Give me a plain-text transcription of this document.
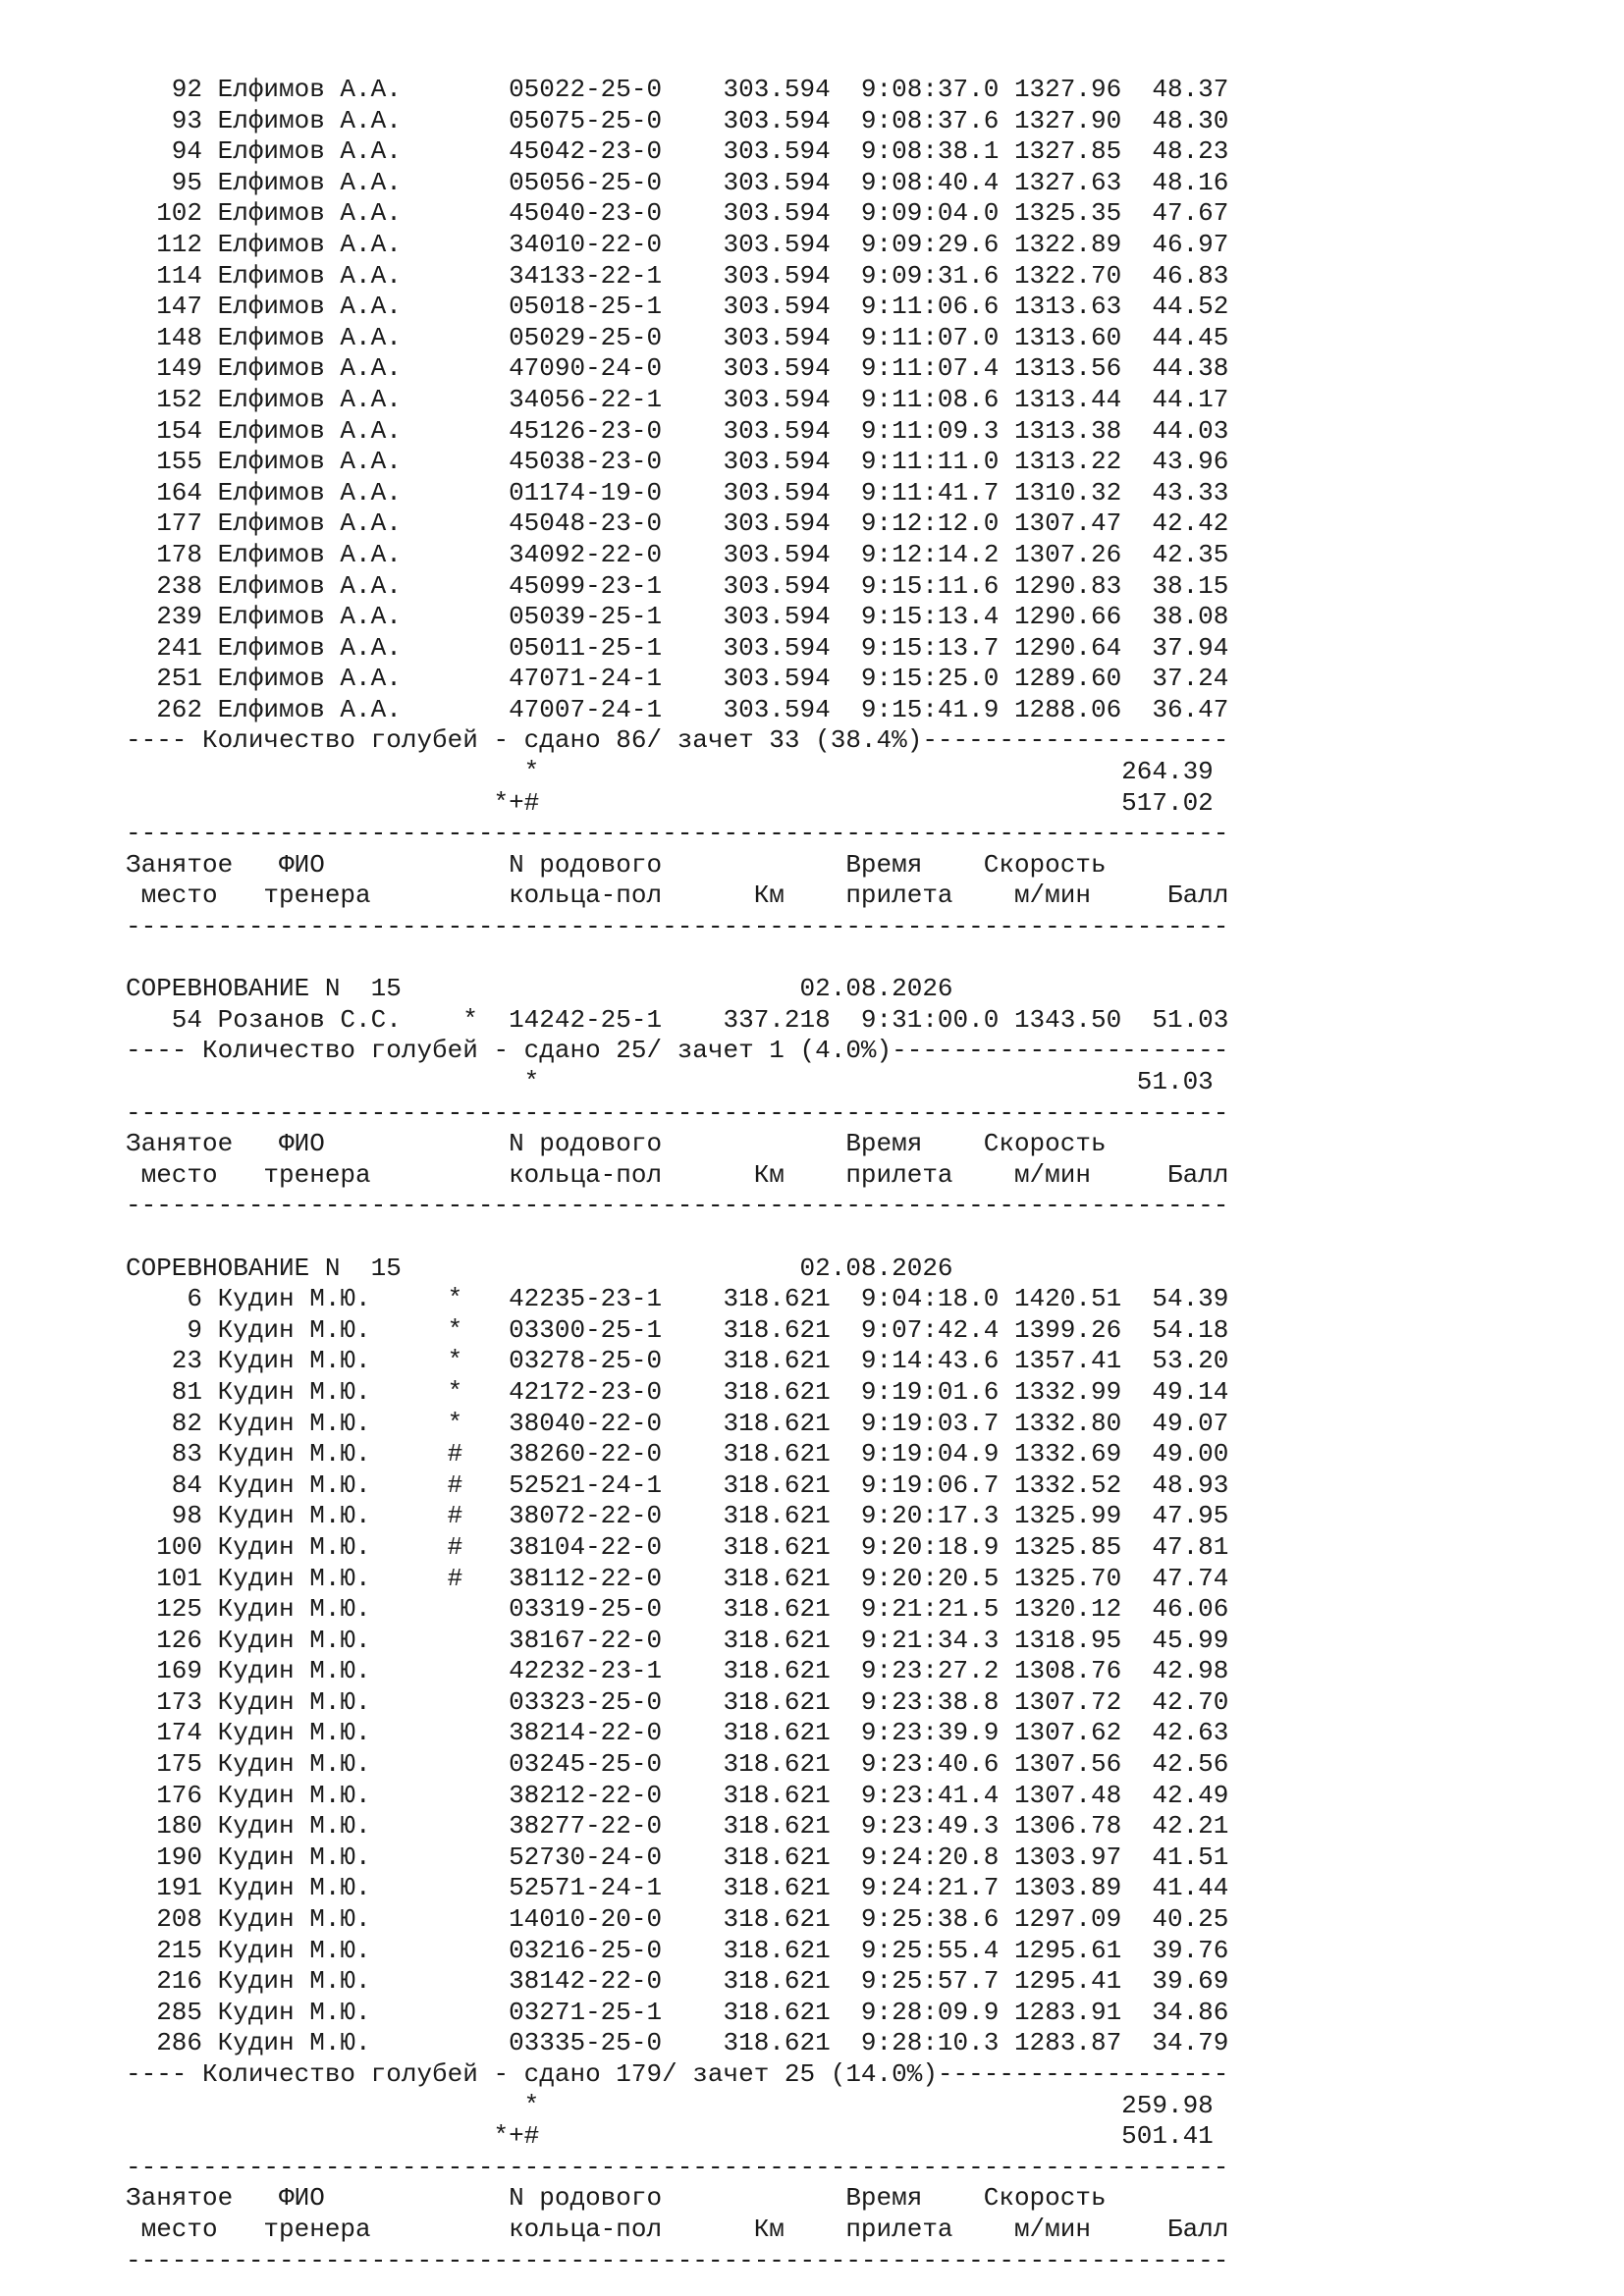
92 Елфимов А.А.       05022-25-0    303.594  9:08:37.0 1327.96  48.37
93 Елфимов А.А.       05075-25-0    303.594  9:08:37.6 1327.90  48.30
94 Елфимов А.А.       45042-23-0    303.594  9:08:38.1 1327.85  48.23
95 Елфимов А.А.       05056-25-0    303.594  9:08:40.4 1327.63  48.16
102 Елфимов А.А.       45040-23-0    303.594  9:09:04.0 1325.35  47.67
112 Елфимов А.А.       34010-22-0    303.594  9:09:29.6 1322.89  46.97
114 Елфимов А.А.       34133-22-1    303.594  9:09:31.6 1322.70  46.83
147 Елфимов А.А.       05018-25-1    303.594  9:11:06.6 1313.63  44.52
148 Елфимов А.А.       05029-25-0    303.594  9:11:07.0 1313.60  44.45
149 Елфимов А.А.       47090-24-0    303.594  9:11:07.4 1313.56  44.38
152 Елфимов А.А.       34056-22-1    303.594  9:11:08.6 1313.44  44.17
154 Елфимов А.А.       45126-23-0    303.594  9:11:09.3 1313.38  44.03
155 Елфимов А.А.       45038-23-0    303.594  9:11:11.0 1313.22  43.96
164 Елфимов А.А.       01174-19-0    303.594  9:11:41.7 1310.32  43.33
177 Елфимов А.А.       45048-23-0    303.594  9:12:12.0 1307.47  42.42
178 Елфимов А.А.       34092-22-0    303.594  9:12:14.2 1307.26  42.35
238 Елфимов А.А.       45099-23-1    303.594  9:15:11.6 1290.83  38.15
239 Елфимов А.А.       05039-25-1    303.594  9:15:13.4 1290.66  38.08
241 Елфимов А.А.       05011-25-1    303.594  9:15:13.7 1290.64  37.94
251 Елфимов А.А.       47071-24-1    303.594  9:15:25.0 1289.60  37.24
262 Елфимов А.А.       47007-24-1    303.594  9:15:41.9 1288.06  36.47
---- Количество голубей - сдано 86/ зачет 33 (38.4%)--------------------
*                                      264.39
*+#                                      517.02
------------------------------------------------------------------------
Занятое   ФИО            N родового            Время    Скорость
место   тренера         кольца-пол      Км    прилета    м/мин     Балл
------------------------------------------------------------------------
СОРЕВНОВАНИЕ N  15                          02.08.2026
54 Розанов С.С.    *  14242-25-1    337.218  9:31:00.0 1343.50  51.03
---- Количество голубей - сдано 25/ зачет 1 (4.0%)----------------------
*                                       51.03
------------------------------------------------------------------------
Занятое   ФИО            N родового            Время    Скорость
место   тренера         кольца-пол      Км    прилета    м/мин     Балл
------------------------------------------------------------------------
СОРЕВНОВАНИЕ N  15                          02.08.2026
6 Кудин М.Ю.     *   42235-23-1    318.621  9:04:18.0 1420.51  54.39
9 Кудин М.Ю.     *   03300-25-1    318.621  9:07:42.4 1399.26  54.18
23 Кудин М.Ю.     *   03278-25-0    318.621  9:14:43.6 1357.41  53.20
81 Кудин М.Ю.     *   42172-23-0    318.621  9:19:01.6 1332.99  49.14
82 Кудин М.Ю.     *   38040-22-0    318.621  9:19:03.7 1332.80  49.07
83 Кудин М.Ю.     #   38260-22-0    318.621  9:19:04.9 1332.69  49.00
84 Кудин М.Ю.     #   52521-24-1    318.621  9:19:06.7 1332.52  48.93
98 Кудин М.Ю.     #   38072-22-0    318.621  9:20:17.3 1325.99  47.95
100 Кудин М.Ю.     #   38104-22-0    318.621  9:20:18.9 1325.85  47.81
101 Кудин М.Ю.     #   38112-22-0    318.621  9:20:20.5 1325.70  47.74
125 Кудин М.Ю.         03319-25-0    318.621  9:21:21.5 1320.12  46.06
126 Кудин М.Ю.         38167-22-0    318.621  9:21:34.3 1318.95  45.99
169 Кудин М.Ю.         42232-23-1    318.621  9:23:27.2 1308.76  42.98
173 Кудин М.Ю.         03323-25-0    318.621  9:23:38.8 1307.72  42.70
174 Кудин М.Ю.         38214-22-0    318.621  9:23:39.9 1307.62  42.63
175 Кудин М.Ю.         03245-25-0    318.621  9:23:40.6 1307.56  42.56
176 Кудин М.Ю.         38212-22-0    318.621  9:23:41.4 1307.48  42.49
180 Кудин М.Ю.         38277-22-0    318.621  9:23:49.3 1306.78  42.21
190 Кудин М.Ю.         52730-24-0    318.621  9:24:20.8 1303.97  41.51
191 Кудин М.Ю.         52571-24-1    318.621  9:24:21.7 1303.89  41.44
208 Кудин М.Ю.         14010-20-0    318.621  9:25:38.6 1297.09  40.25
215 Кудин М.Ю.         03216-25-0    318.621  9:25:55.4 1295.61  39.76
216 Кудин М.Ю.         38142-22-0    318.621  9:25:57.7 1295.41  39.69
285 Кудин М.Ю.         03271-25-1    318.621  9:28:09.9 1283.91  34.86
286 Кудин М.Ю.         03335-25-0    318.621  9:28:10.3 1283.87  34.79
---- Количество голубей - сдано 179/ зачет 25 (14.0%)-------------------
*                                      259.98
*+#                                      501.41
------------------------------------------------------------------------
Занятое   ФИО            N родового            Время    Скорость
место   тренера         кольца-пол      Км    прилета    м/мин     Балл
------------------------------------------------------------------------
